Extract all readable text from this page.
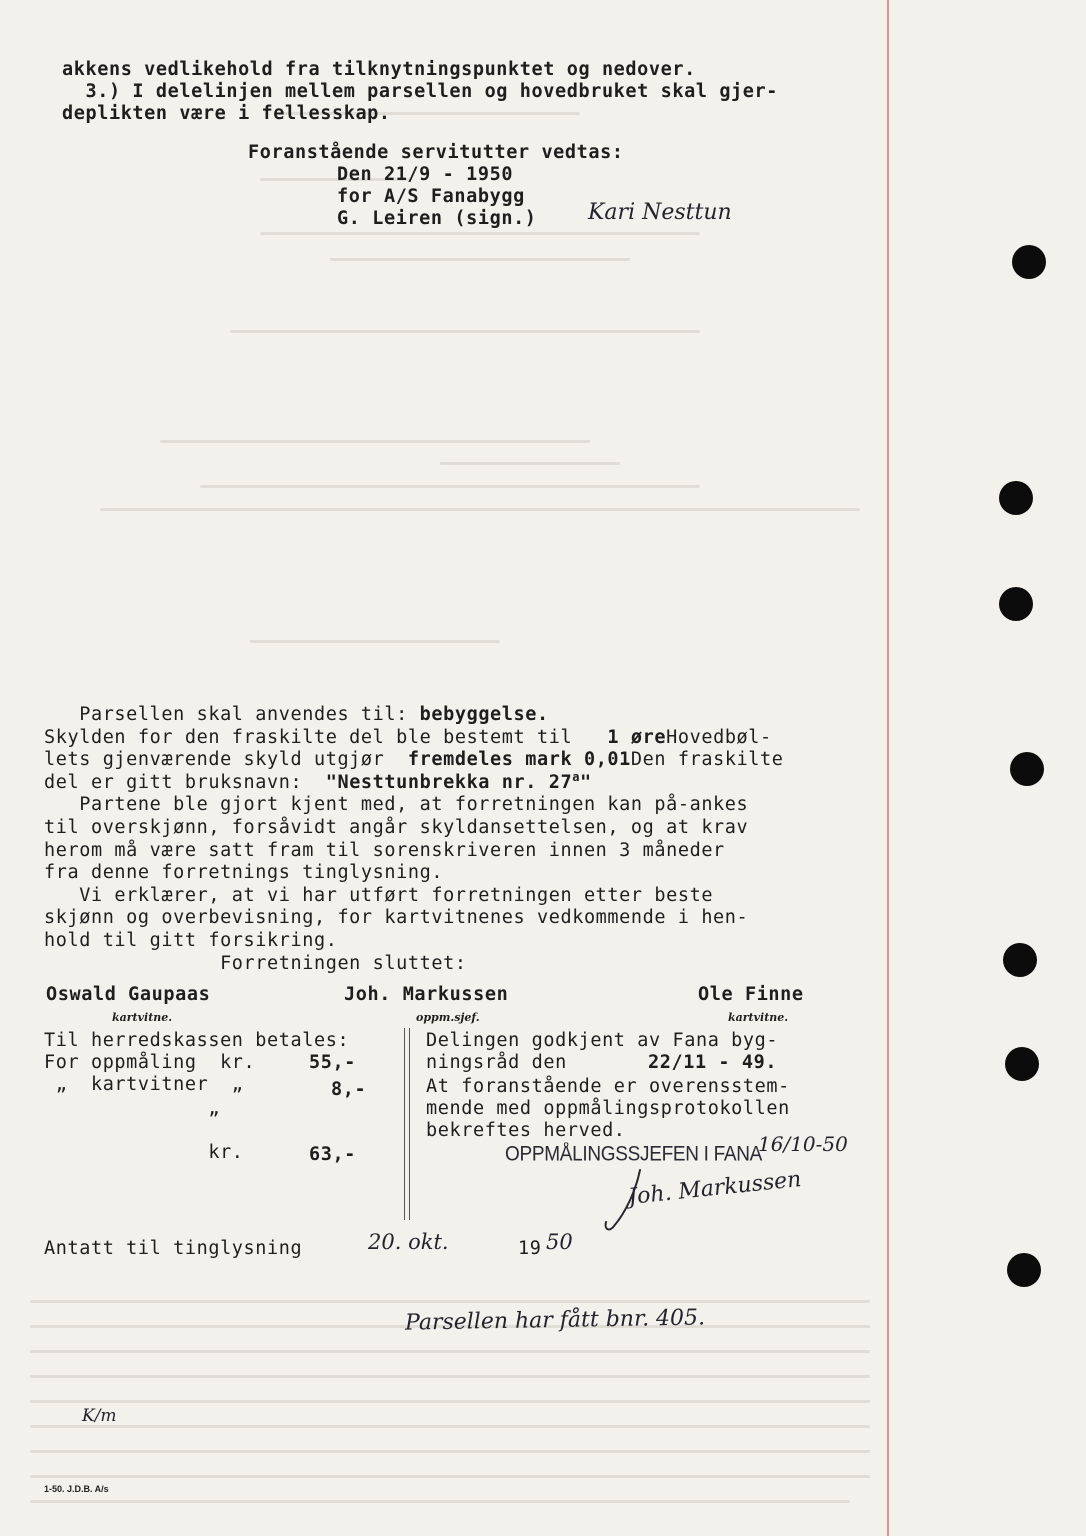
akkens vedlikehold fra tilknytningspunktet og nedover.
3.) I delelinjen mellem parsellen og hovedbruket skal gjer-
deplikten være i fellesskap.
Foranstående servitutter vedtas:
Den 21/9 - 1950
for A/S Fanabygg
G. Leiren (sign.) Kari Nesttun
Parsellen skal anvendes til: bebyggelse.
Skylden for den fraskilte del ble bestemt til   1 øreHovedbøl-
lets gjenværende skyld utgjør  fremdeles mark 0,01Den fraskilte
del er gitt bruksnavn:  "Nesttunbrekka nr. 27$^a$"
Partene ble gjort kjent med, at forretningen kan på-ankes
til overskjønn, forsåvidt angår skyldansettelsen, og at krav
herom må være satt fram til sorenskriveren innen 3 måneder
fra denne forretnings tinglysning.
Vi erklærer, at vi har utført forretningen etter beste
skjønn og overbevisning, for kartvitnenes vedkommende i hen-
hold til gitt forsikring.
Forretningen sluttet:
Oswald Gaupaas
kartvitne.
Joh. Markussen
oppm.sjef.
Ole Finne
kartvitne.
Til herredskassen betales:
For oppmåling  kr.	55,-
„  kartvitner  „	8,-
„
kr.	63,-
Delingen godkjent av Fana byg-
ningsråd den	22/11 - 49.
At foranstående er overensstem-
mende med oppmålingsprotokollen
bekreftes herved.
OPPMÅLINGSSJEFEN I FANA
16/10-50
Joh. Markussen
Antatt til tinglysning	20. okt.	19 50
Parsellen har fått bnr. 405.
K/m
1-50. J.D.B. A/s
